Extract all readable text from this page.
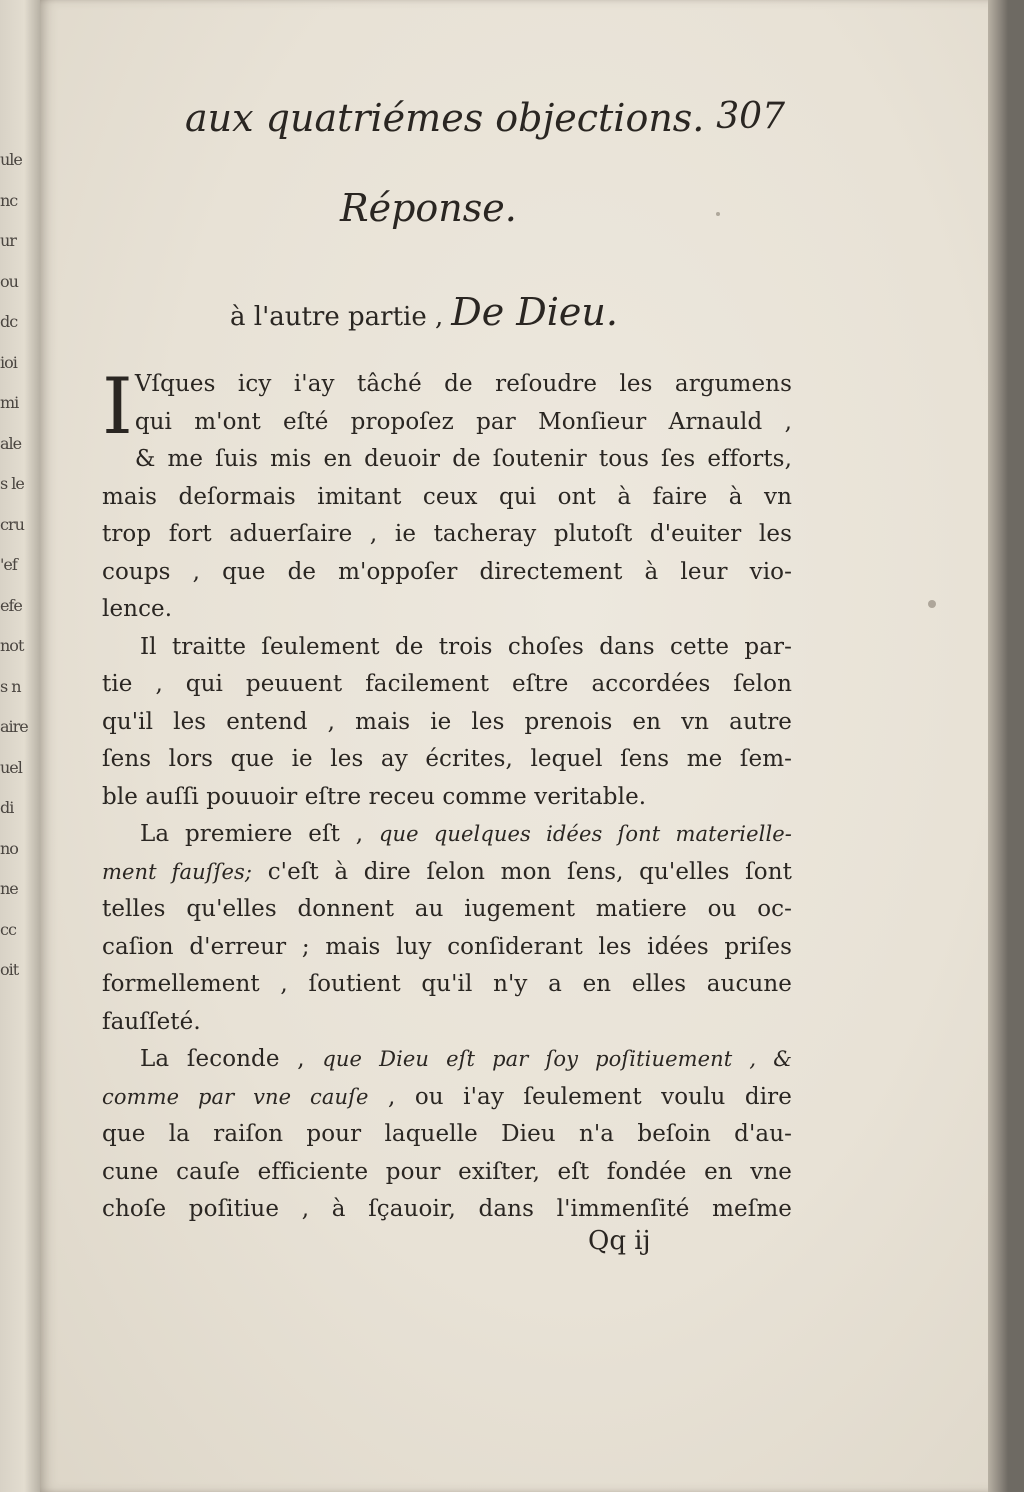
ule
nc
ur
ou
dc
ioi
mi
ale
s le
cru
'ef
efe
not
s n
aire
uel
di
no
ne
cc
oit
aux quatriémes objections. 307
Réponse.
à l'autre partie , De Dieu.
I Vſques icy i'ay tâché de reſoudre les argumens
qui m'ont eſté propoſez par Monſieur Arnauld ,
& me ſuis mis en deuoir de ſoutenir tous ſes efforts,
mais deſormais imitant ceux qui ont à faire à vn
trop fort aduerſaire , ie tacheray plutoſt d'euiter les
coups , que de m'oppoſer directement à leur vio-
lence.
Il traitte ſeulement de trois choſes dans cette par-
tie , qui peuuent facilement eſtre accordées ſelon
qu'il les entend , mais ie les prenois en vn autre
ſens lors que ie les ay écrites, lequel ſens me ſem-
ble auſſi pouuoir eſtre receu comme veritable.
La premiere eſt , que quelques idées ſont materielle-
ment fauſſes; c'eſt à dire ſelon mon ſens, qu'elles ſont
telles qu'elles donnent au iugement matiere ou oc-
caſion d'erreur ; mais luy conſiderant les idées priſes
formellement , ſoutient qu'il n'y a en elles aucune
fauſſeté.
La ſeconde , que Dieu eſt par ſoy poſitiuement , &
comme par vne cauſe , ou i'ay ſeulement voulu dire
que la raiſon pour laquelle Dieu n'a beſoin d'au-
cune cauſe efficiente pour exiſter, eſt fondée en vne
choſe poſitiue , à ſçauoir, dans l'immenſité meſme
Qq ij
